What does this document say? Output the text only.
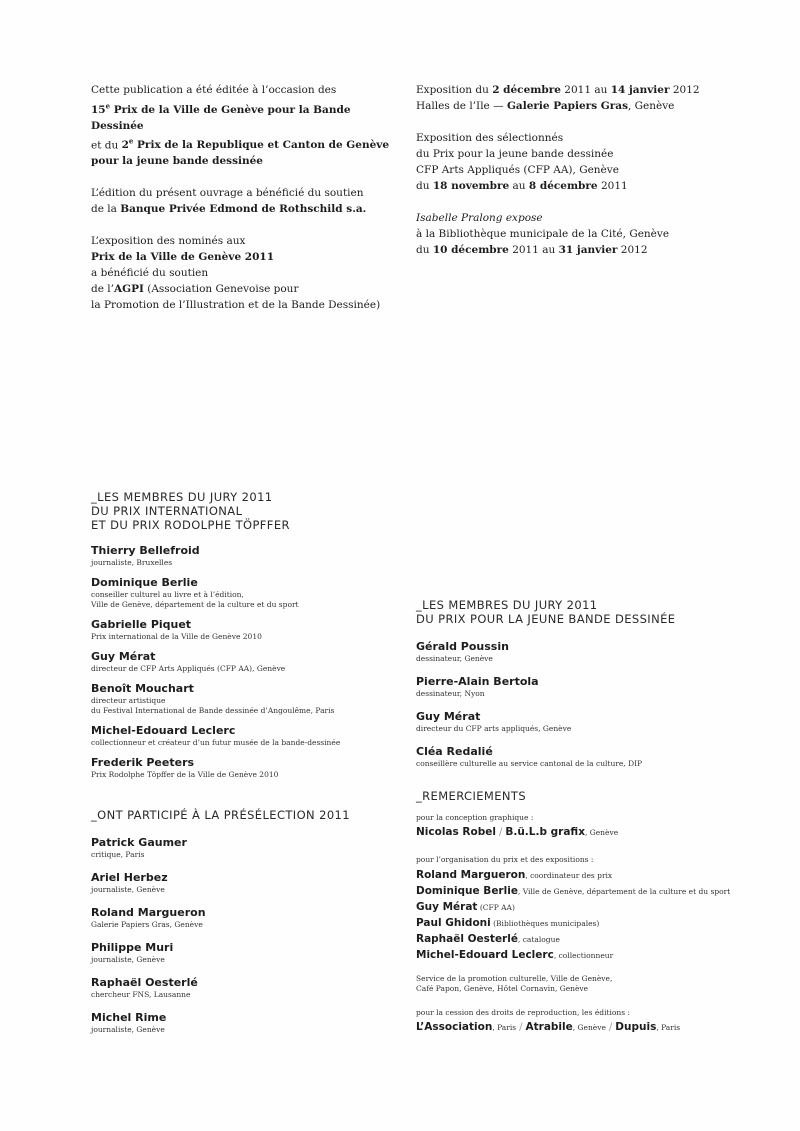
Cette publication a été éditée à l’occasion des
15e Prix de la Ville de Genève pour la Bande Dessinée
et du 2e Prix de la Republique et Canton de Genève
pour la jeune bande dessinée
L’édition du présent ouvrage a bénéficié du soutien
de la Banque Privée Edmond de Rothschild s.a.
L’exposition des nominés aux
Prix de la Ville de Genève 2011
a bénéficié du soutien
de l’AGPI (Association Genevoise pour
la Promotion de l’Illustration et de la Bande Dessinée)
Exposition du 2 décembre 2011 au 14 janvier 2012
Halles de l’Ile — Galerie Papiers Gras, Genève
Exposition des sélectionnés
du Prix pour la jeune bande dessinée
CFP Arts Appliqués (CFP AA), Genève
du 18 novembre au 8 décembre 2011
Isabelle Pralong expose
à la Bibliothèque municipale de la Cité, Genève
du 10 décembre 2011 au 31 janvier 2012
_LES MEMBRES DU JURY 2011
DU PRIX INTERNATIONAL
ET DU PRIX RODOLPHE TÖPFFER
Thierry Bellefroid
journaliste, Bruxelles
Dominique Berlie
conseiller culturel au livre et à l’édition,
Ville de Genève, département de la culture et du sport
Gabrielle Piquet
Prix international de la Ville de Genève 2010
Guy Mérat
directeur de CFP Arts Appliqués (CFP AA), Genève
Benoît Mouchart
directeur artistique
du Festival International de Bande dessinée d’Angoulême, Paris
Michel-Edouard Leclerc
collectionneur et créateur d’un futur musée de la bande-dessinée
Frederik Peeters
Prix Rodolphe Töpffer de la Ville de Genève 2010
_ONT PARTICIPÉ À LA PRÉSÉLECTION 2011
Patrick Gaumer
critique, Paris
Ariel Herbez
journaliste, Genève
Roland Margueron
Galerie Papiers Gras, Genève
Philippe Muri
journaliste, Genève
Raphaël Oesterlé
chercheur FNS, Lausanne
Michel Rime
journaliste, Genève
_LES MEMBRES DU JURY 2011
DU PRIX POUR LA JEUNE BANDE DESSINÉE
Gérald Poussin
dessinateur, Genève
Pierre-Alain Bertola
dessinateur, Nyon
Guy Mérat
directeur du CFP arts appliqués, Genève
Cléa Redalié
conseillère culturelle au service cantonal de la culture, DIP
_REMERCIEMENTS
pour la conception graphique :
Nicolas Robel / B.ü.L.b grafix, Genève
pour l’organisation du prix et des expositions :
Roland Margueron, coordinateur des prix
Dominique Berlie, Ville de Genève, département de la culture et du sport
Guy Mérat (CFP AA)
Paul Ghidoni (Bibliothèques municipales)
Raphaël Oesterlé, catalogue
Michel-Edouard Leclerc, collectionneur
Service de la promotion culturelle, Ville de Genève,
Café Papon, Genève, Hôtel Cornavin, Genève
pour la cession des droits de reproduction, les éditions :
L’Association, Paris / Atrabile, Genève / Dupuis, Paris
